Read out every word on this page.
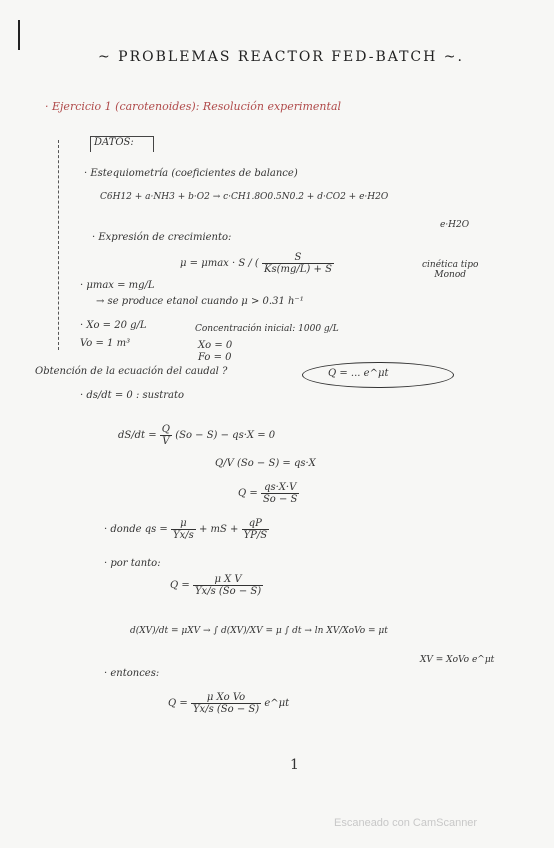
~ PROBLEMAS REACTOR FED-BATCH ~.
· Ejercicio 1 (carotenoides): Resolución experimental
DATOS:
· Estequiometría (coeficientes de balance)
C6H12 + a·NH3 + b·O2 → c·CH1.8O0.5N0.2 + d·CO2 + e·H2O
e·H2O
· Expresión de crecimiento:
μ = μmax · S / ( $\frac{S}{Ks(mg/L) + S}$	cinética tipo
Monod
· μmax = mg/L
→ se produce etanol cuando μ > 0.31 h⁻¹
· Xo = 20 g/L	Concentración inicial: 1000 g/L
Vo = 1 m³	Xo = 0
Fo = 0
Obtención de la ecuación del caudal ?	Q = ... e^μt
· ds/dt = 0 : sustrato
$dS/dt = \frac{Q}{V} (So - S) - qs\cdot X = 0$
Q/V (So − S) = qs·X
$Q = \frac{qs\cdot X\cdot V}{So - S}$
· donde qs = $\frac{\mu}{Yx/s}$ + mS + $\frac{qP}{YP/S}$
· por tanto:
$Q = \frac{\text{μ X V}}{Yx/s (So - S)}$
d(XV)/dt = μXV → ∫ d(XV)/XV = μ ∫ dt → ln XV/XoVo = μt
XV = XoVo e^μt
· entonces:
$Q = \frac{\text{μ Xo Vo}}{Yx/s (So - S)}$ e^μt
1
Escaneado con CamScanner
